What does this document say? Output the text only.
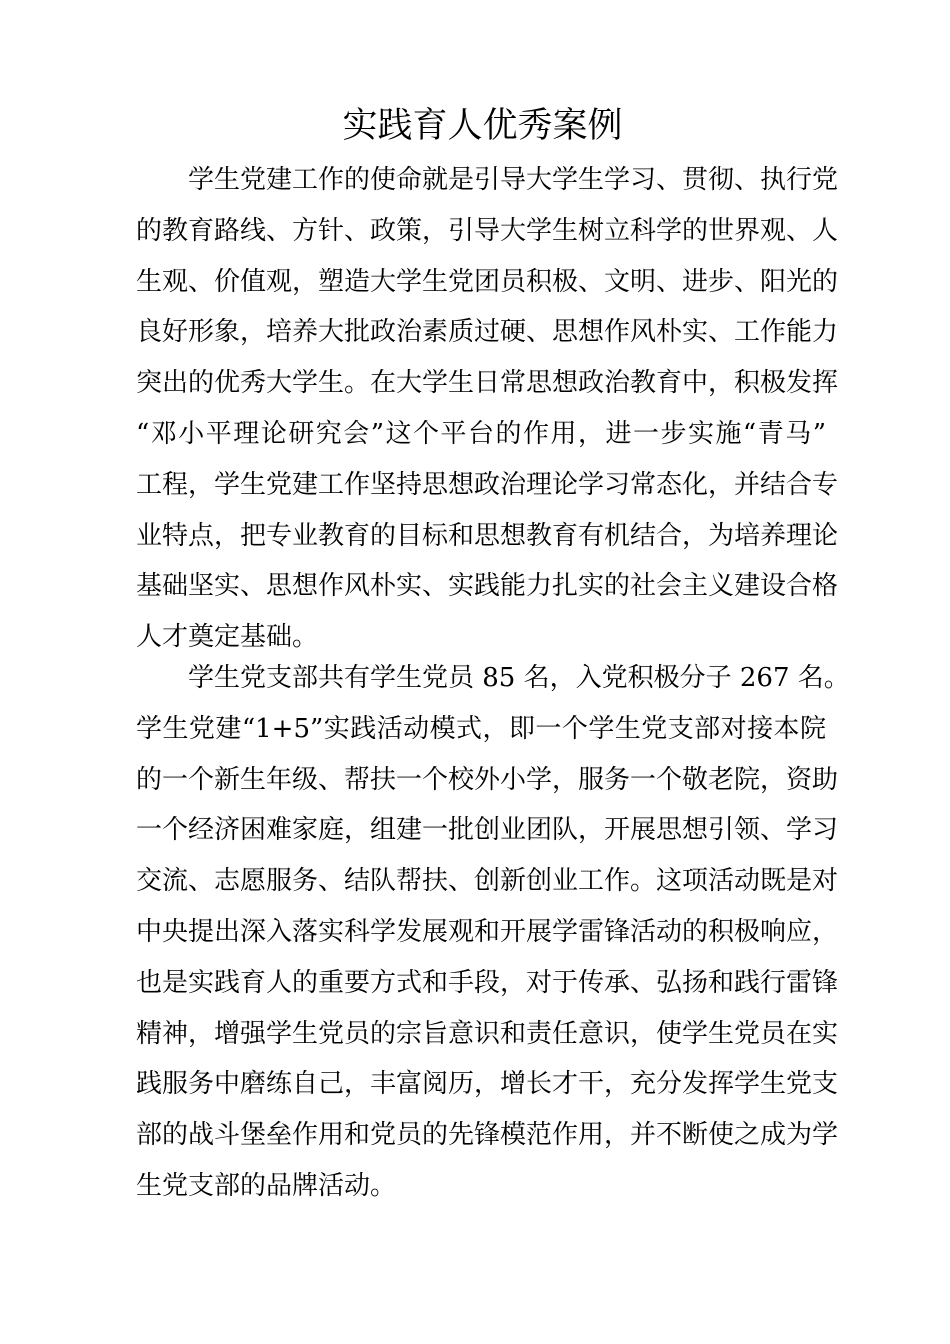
实践育人优秀案例
学生党建工作的使命就是引导大学生学习、贯彻、执行党
的教育路线、方针、政策，引导大学生树立科学的世界观、人
生观、价值观，塑造大学生党团员积极、文明、进步、阳光的
良好形象，培养大批政治素质过硬、思想作风朴实、工作能力
突出的优秀大学生。在大学生日常思想政治教育中，积极发挥
“邓小平理论研究会”这个平台的作用，进一步实施“青马”
工程，学生党建工作坚持思想政治理论学习常态化，并结合专
业特点，把专业教育的目标和思想教育有机结合，为培养理论
基础坚实、思想作风朴实、实践能力扎实的社会主义建设合格
人才奠定基础。
学生党支部共有学生党员 85 名，入党积极分子 267 名。
学生党建“1+5”实践活动模式，即一个学生党支部对接本院
的一个新生年级、帮扶一个校外小学，服务一个敬老院，资助
一个经济困难家庭，组建一批创业团队，开展思想引领、学习
交流、志愿服务、结队帮扶、创新创业工作。这项活动既是对
中央提出深入落实科学发展观和开展学雷锋活动的积极响应，
也是实践育人的重要方式和手段，对于传承、弘扬和践行雷锋
精神，增强学生党员的宗旨意识和责任意识，使学生党员在实
践服务中磨练自己，丰富阅历，增长才干，充分发挥学生党支
部的战斗堡垒作用和党员的先锋模范作用，并不断使之成为学
生党支部的品牌活动。
